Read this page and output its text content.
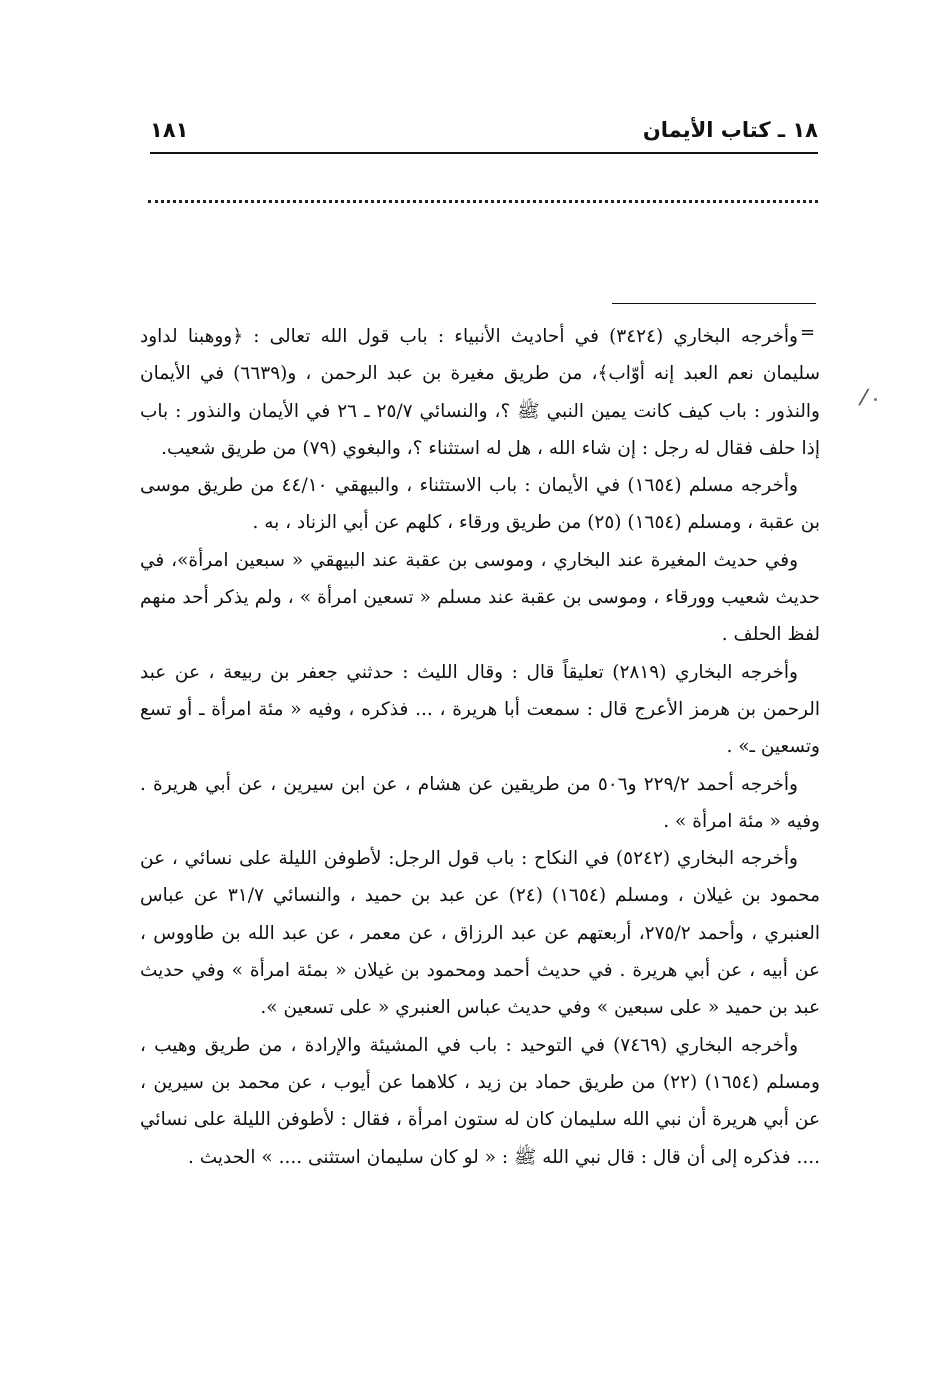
١٨ ـ كتاب الأيمان
١٨١
=
/

وأخرجه البخاري (٣٤٢٤) في أحاديث الأنبياء : باب قول الله تعالى : ﴿ووهبنا لداود سليمان نعم العبد إنه أوّاب﴾، من طريق مغيرة بن عبد الرحمن ، و(٦٦٣٩) في الأيمان والنذور : باب كيف كانت يمين النبي ﷺ ؟، والنسائي ٢٥/٧ ـ ٢٦ في الأيمان والنذور : باب إذا حلف فقال له رجل : إن شاء الله ، هل له استثناء ؟، والبغوي (٧٩) من طريق شعيب.

وأخرجه مسلم (١٦٥٤) في الأيمان : باب الاستثناء ، والبيهقي ٤٤/١٠ من طريق موسى بن عقبة ، ومسلم (١٦٥٤) (٢٥) من طريق ورقاء ، كلهم عن أبي الزناد ، به .

وفي حديث المغيرة عند البخاري ، وموسى بن عقبة عند البيهقي « سبعين امرأة»، في حديث شعيب وورقاء ، وموسى بن عقبة عند مسلم « تسعين امرأة » ، ولم يذكر أحد منهم لفظ الحلف .

وأخرجه البخاري (٢٨١٩) تعليقاً قال : وقال الليث : حدثني جعفر بن ربيعة ، عن عبد الرحمن بن هرمز الأعرج قال : سمعت أبا هريرة ، ... فذكره ، وفيه « مئة امرأة ـ أو تسع وتسعين ـ» .

وأخرجه أحمد ٢٢٩/٢ و٥٠٦ من طريقين عن هشام ، عن ابن سيرين ، عن أبي هريرة . وفيه « مئة امرأة » .

وأخرجه البخاري (٥٢٤٢) في النكاح : باب قول الرجل: لأطوفن الليلة على نسائي ، عن محمود بن غيلان ، ومسلم (١٦٥٤) (٢٤) عن عبد بن حميد ، والنسائي ٣١/٧ عن عباس العنبري ، وأحمد ٢٧٥/٢، أربعتهم عن عبد الرزاق ، عن معمر ، عن عبد الله بن طاووس ، عن أبيه ، عن أبي هريرة . في حديث أحمد ومحمود بن غيلان « بمئة امرأة » وفي حديث عبد بن حميد « على سبعين » وفي حديث عباس العنبري « على تسعين ».

وأخرجه البخاري (٧٤٦٩) في التوحيد : باب في المشيئة والإرادة ، من طريق وهيب ، ومسلم (١٦٥٤) (٢٢) من طريق حماد بن زيد ، كلاهما عن أيوب ، عن محمد بن سيرين ، عن أبي هريرة أن نبي الله سليمان كان له ستون امرأة ، فقال : لأطوفن الليلة على نسائي .... فذكره إلى أن قال : قال نبي الله ﷺ : « لو كان سليمان استثنى .... » الحديث .
